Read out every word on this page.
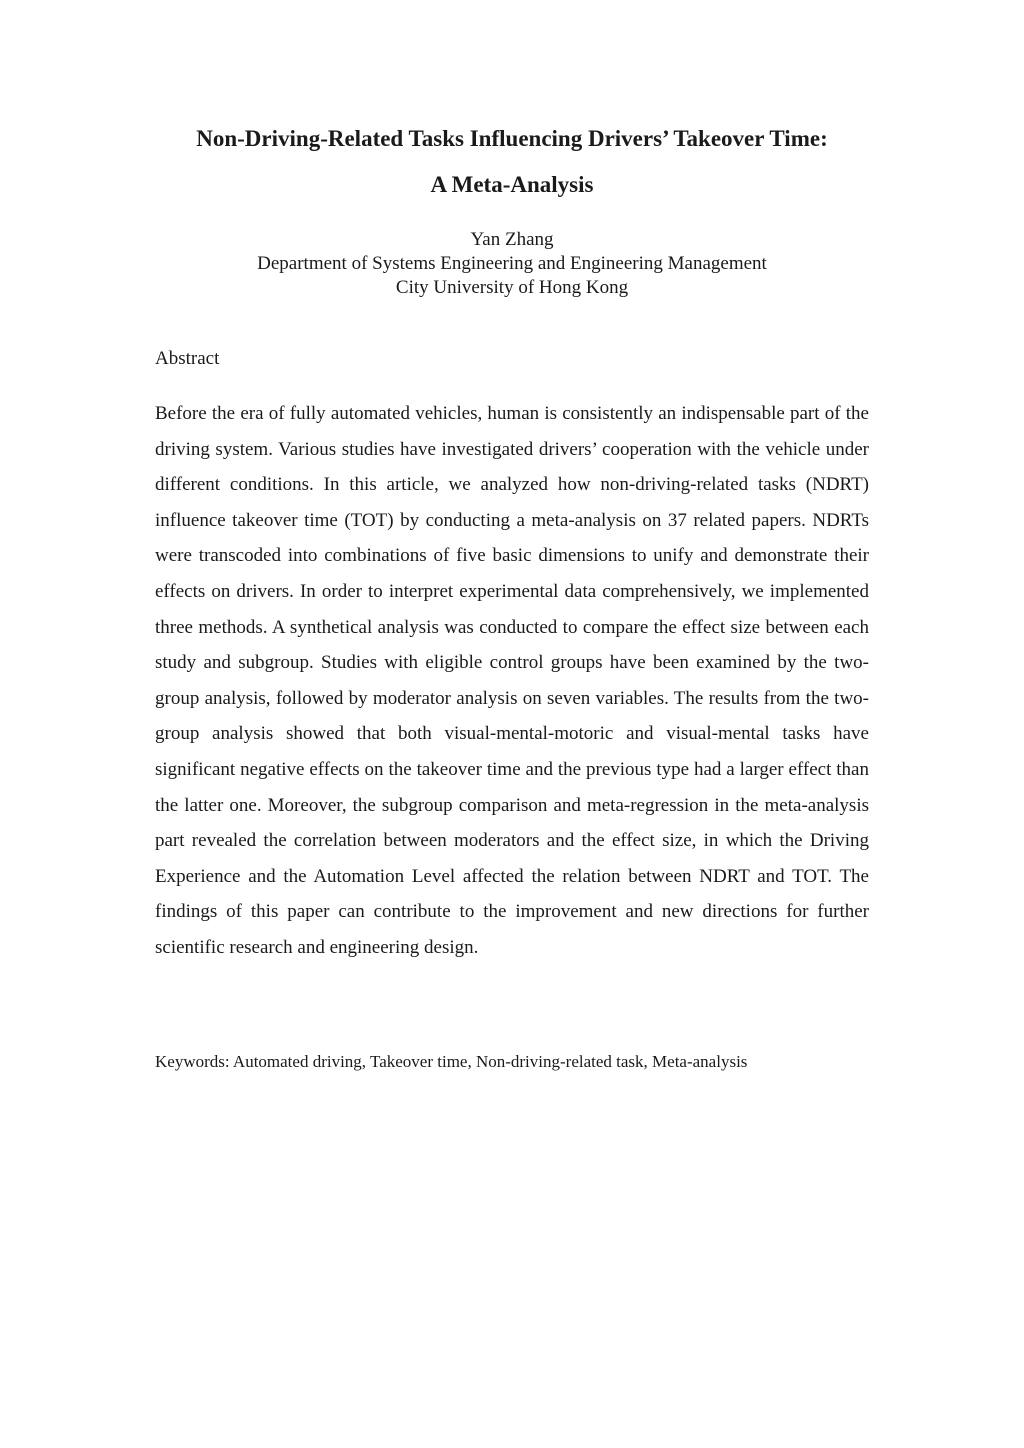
Non-Driving-Related Tasks Influencing Drivers’ Takeover Time:
A Meta-Analysis

Yan Zhang

Department of Systems Engineering and Engineering Management

City University of Hong Kong

Abstract

Before the era of fully automated vehicles, human is consistently an indispensable part of the driving system. Various studies have investigated drivers’ cooperation with the vehicle under different conditions. In this article, we analyzed how non-driving-related tasks (NDRT) influence takeover time (TOT) by conducting a meta-analysis on 37 related papers. NDRTs were transcoded into combinations of five basic dimensions to unify and demonstrate their effects on drivers. In order to interpret experimental data comprehensively, we implemented three methods. A synthetical analysis was conducted to compare the effect size between each study and subgroup. Studies with eligible control groups have been examined by the two-group analysis, followed by moderator analysis on seven variables. The results from the two-group analysis showed that both visual-mental-motoric and visual-mental tasks have significant negative effects on the takeover time and the previous type had a larger effect than the latter one. Moreover, the subgroup comparison and meta-regression in the meta-analysis part revealed the correlation between moderators and the effect size, in which the Driving Experience and the Automation Level affected the relation between NDRT and TOT. The findings of this paper can contribute to the improvement and new directions for further scientific research and engineering design.

Keywords: Automated driving, Takeover time, Non-driving-related task, Meta-analysis
